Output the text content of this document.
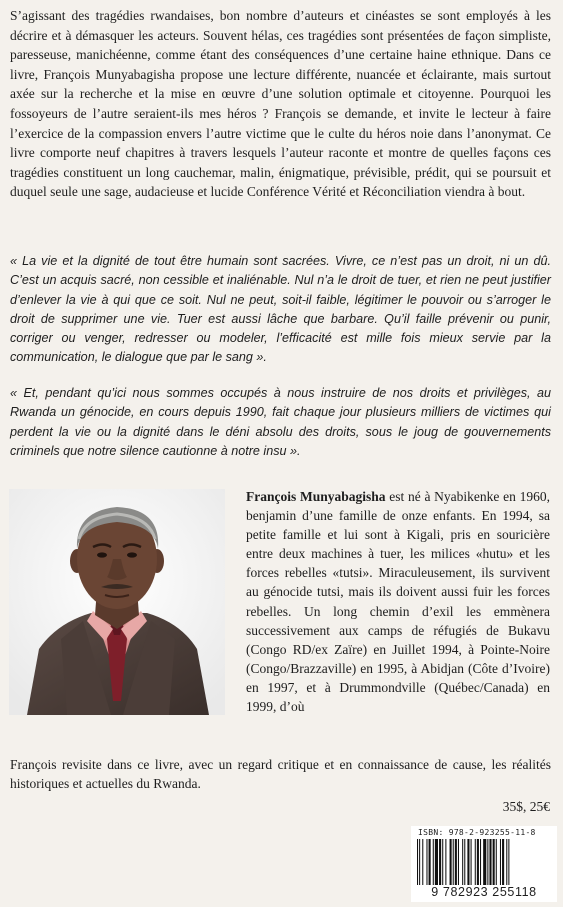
S’agissant des tragédies rwandaises, bon nombre d’auteurs et cinéastes se sont employés à les décrire et à démasquer les acteurs. Souvent hélas, ces tragédies sont présentées de façon simpliste, paresseuse, manichéenne, comme étant des conséquences d’une certaine haine ethnique. Dans ce livre, François Munyabagisha propose une lecture différente, nuancée et éclairante, mais surtout axée sur la recherche et la mise en œuvre d’une solution optimale et citoyenne. Pourquoi les fossoyeurs de l’autre seraient-ils mes héros ? François se demande, et invite le lecteur à faire l’exercice de la compassion envers l’autre victime que le culte du héros noie dans l’anonymat. Ce livre comporte neuf chapitres à travers lesquels l’auteur raconte et montre de quelles façons ces tragédies constituent un long cauchemar, malin, énigmatique, prévisible, prédit, qui se poursuit et duquel seule une sage, audacieuse et lucide Conférence Vérité et Réconciliation viendra à bout.

« La vie et la dignité de tout être humain sont sacrées. Vivre, ce n’est pas un droit, ni un dû. C’est un acquis sacré, non cessible et inaliénable. Nul n’a le droit de tuer, et rien ne peut justifier d’enlever la vie à qui que ce soit. Nul ne peut, soit-il faible, légitimer le pouvoir ou s’arroger le droit de supprimer une vie. Tuer est aussi lâche que barbare. Qu’il faille prévenir ou punir, corriger ou venger, redresser ou modeler, l’efficacité est mille fois mieux servie par la communication, le dialogue que par le sang ».

« Et, pendant qu’ici nous sommes occupés à nous instruire de nos droits et privilèges, au Rwanda un génocide, en cours depuis 1990, fait chaque jour plusieurs milliers de victimes qui perdent la vie ou la dignité dans le déni absolu des droits, sous le joug de gouvernements criminels que notre silence cautionne à notre insu ».

François Munyabagisha est né à Nyabikenke en 1960, benjamin d’une famille de onze enfants. En 1994, sa petite famille et lui sont à Kigali, pris en souricière entre deux machines à tuer, les milices «hutu» et les forces rebelles «tutsi». Miraculeusement, ils survivent au génocide tutsi, mais ils doivent aussi fuir les forces rebelles. Un long chemin d’exil les emmènera successivement aux camps de réfugiés de Bukavu (Congo RD/ex Zaïre) en Juillet 1994, à Pointe-Noire (Congo/Brazzaville) en 1995, à Abidjan (Côte d’Ivoire) en 1997, et à Drummondville (Québec/Canada) en 1999, d’où

François revisite dans ce livre, avec un regard critique et en connaissance de cause, les réalités historiques et actuelles du Rwanda.

35$, 25€

ISBN: 978-2-923255-11-8
9 782923 255118
